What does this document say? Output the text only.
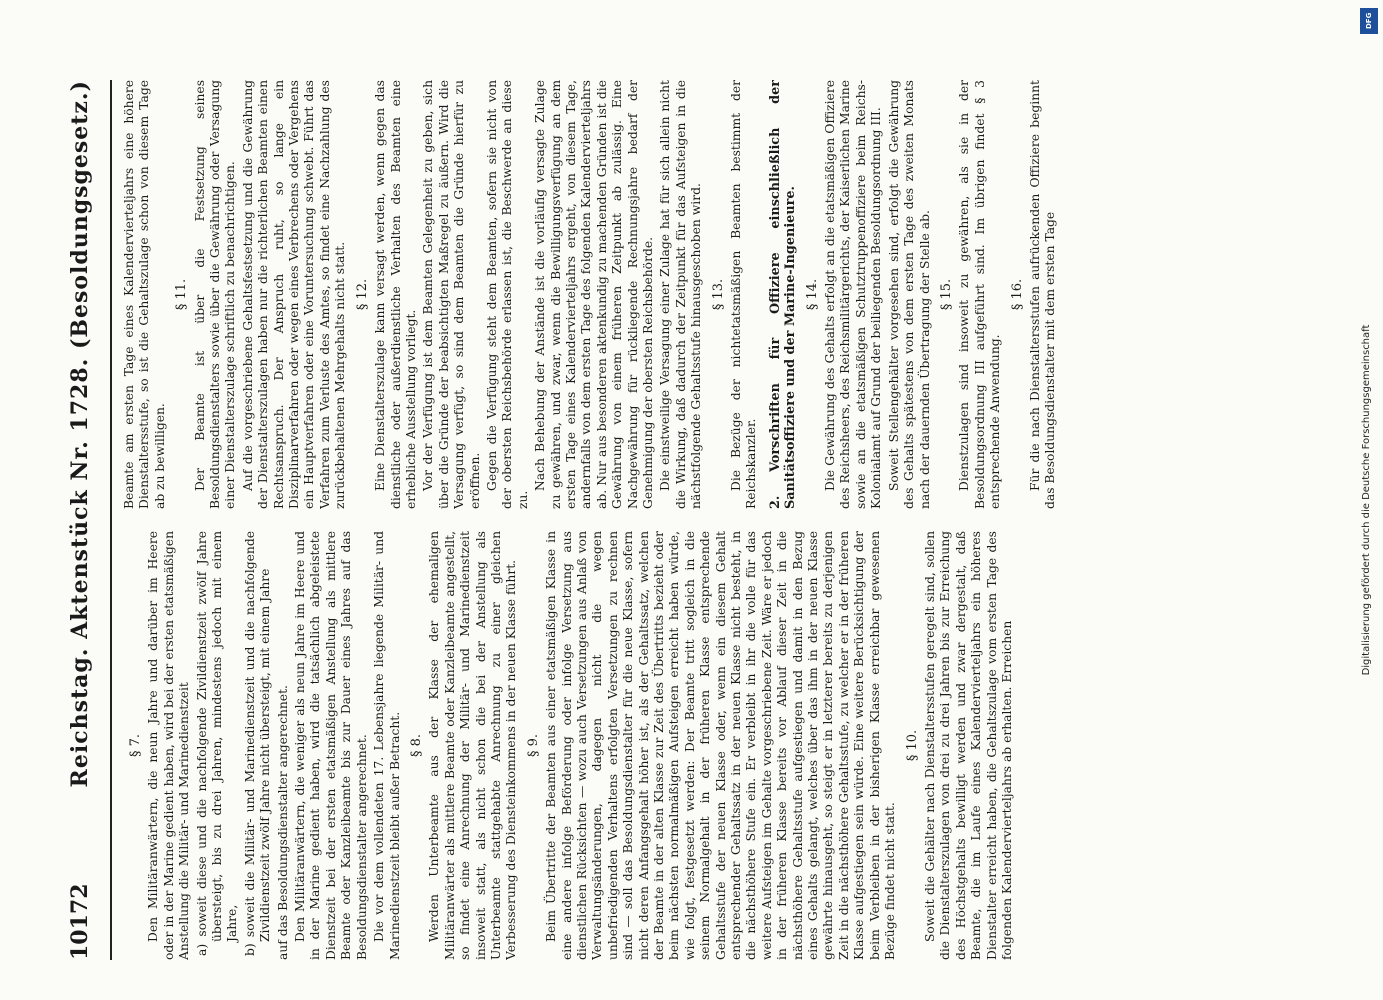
10172
Reichstag. Aktenstück Nr. 1728. (Besoldungsgesetz.)	§ 7. Den Militäranwärtern, die neun Jahre und darüber im Heere oder in der Marine gedient haben, wird bei der ersten etatsmäßigen Anstellung die Militär- und Marinedienstzeit a) soweit diese und die nachfolgende Zivildienstzeit zwölf Jahre übersteigt, bis zu drei Jahren, mindestens jedoch mit einem Jahre, b) soweit die Militär- und Marinedienstzeit und die nachfolgende Zivildienstzeit zwölf Jahre nicht übersteigt, mit einem Jahre auf das Besoldungsdienstalter angerechnet. Den Militäranwärtern, die weniger als neun Jahre im Heere und in der Marine gedient haben, wird die tatsächlich abgeleistete Dienstzeit bei der ersten etatsmäßigen Anstellung als mittlere Beamte oder Kanzleibeamte bis zur Dauer eines Jahres auf das Besoldungsdienstalter angerechnet. Die vor dem vollendeten 17. Lebensjahre liegende Militär- und Marinedienstzeit bleibt außer Betracht. § 8. Werden Unterbeamte aus der Klasse der ehemaligen Militäranwärter als mittlere Beamte oder Kanzleibeamte angestellt, so findet eine Anrechnung der Militär- und Marinedienstzeit insoweit statt, als nicht schon die bei der Anstellung als Unterbeamte stattgehabte Anrechnung zu einer gleichen Verbesserung des Diensteinkommens in der neuen Klasse führt. § 9. Beim Übertritte der Beamten aus einer etatsmäßigen Klasse in eine andere infolge Beförderung oder infolge Versetzung aus dienstlichen Rücksichten — wozu auch Versetzungen aus Anlaß von Verwaltungsänderungen, dagegen nicht die wegen unbefriedigenden Verhaltens erfolgten Versetzungen zu rechnen sind — soll das Besoldungsdienstalter für die neue Klasse, sofern nicht deren Anfangsgehalt höher ist, als der Gehaltssatz, welchen der Beamte in der alten Klasse zur Zeit des Übertritts bezieht oder beim nächsten normalmäßigen Aufsteigen erreicht haben würde, wie folgt, festgesetzt werden: Der Beamte tritt sogleich in die seinem Normalgehalt in der früheren Klasse entsprechende Gehaltsstufe der neuen Klasse oder, wenn ein diesem Gehalt entsprechender Gehaltssatz in der neuen Klasse nicht besteht, in die nächsthöhere Stufe ein. Er verbleibt in ihr die volle für das weitere Aufsteigen im Gehalte vorgeschriebene Zeit. Wäre er jedoch in der früheren Klasse bereits vor Ablauf dieser Zeit in die nächsthöhere Gehaltsstufe aufgestiegen und damit in den Bezug eines Gehalts gelangt, welches über das ihm in der neuen Klasse gewährte hinausgeht, so steigt er in letzterer bereits zu derjenigen Zeit in die nächsthöhere Gehaltsstufe, zu welcher er in der früheren Klasse aufgestiegen sein würde. Eine weitere Berücksichtigung der beim Verbleiben in der bisherigen Klasse erreichbar gewesenen Bezüge findet nicht statt.

§ 10. Soweit die Gehälter nach Dienstaltersstufen geregelt sind, sollen die Dienstalterszulagen von drei zu drei Jahren bis zur Erreichung des Höchstgehalts bewilligt werden und zwar dergestalt, daß Beamte, die im Laufe eines Kalendervierteljahrs ein höheres Dienstalter erreicht haben, die Gehaltszulage vom ersten Tage des folgenden Kalendervierteljahrs ab erhalten. Erreichen

Beamte am ersten Tage eines Kalendervierteljahrs eine höhere Dienstaltersstufe, so ist die Gehaltszulage schon von diesem Tage ab zu bewilligen.

§ 11. Der Beamte ist über die Festsetzung seines Besoldungsdienstalters sowie über die Gewährung oder Versagung einer Dienstalterszulage schriftlich zu benachrichtigen. Auf die vorgeschriebene Gehaltsfestsetzung und die Gewährung der Dienstalterszulagen haben nur die richterlichen Beamten einen Rechtsanspruch. Der Anspruch ruht, so lange ein Disziplinarverfahren oder wegen eines Verbrechens oder Vergehens ein Hauptverfahren oder eine Voruntersuchung schwebt. Führt das Verfahren zum Verluste des Amtes, so findet eine Nachzahlung des zurückbehaltenen Mehrgehalts nicht statt. § 12. Eine Dienstalterszulage kann versagt werden, wenn gegen das dienstliche oder außerdienstliche Verhalten des Beamten eine erhebliche Ausstellung vorliegt. Vor der Verfügung ist dem Beamten Gelegenheit zu geben, sich über die Gründe der beabsichtigten Maßregel zu äußern. Wird die Versagung verfügt, so sind dem Beamten die Gründe hierfür zu eröffnen. Gegen die Verfügung steht dem Beamten, sofern sie nicht von der obersten Reichsbehörde erlassen ist, die Beschwerde an diese zu.

Nach Behebung der Anstände ist die vorläufig versagte Zulage zu gewähren, und zwar, wenn die Bewilligungsverfügung an dem ersten Tage eines Kalendervierteljahrs ergeht, von diesem Tage, andernfalls von dem ersten Tage des folgenden Kalendervierteljahrs ab. Nur aus besonderen aktenkundig zu machenden Gründen ist die Gewährung von einem früheren Zeitpunkt ab zulässig. Eine Nachgewährung für rückliegende Rechnungsjahre bedarf der Genehmigung der obersten Reichsbehörde. Die einstweilige Versagung einer Zulage hat für sich allein nicht die Wirkung, daß dadurch der Zeitpunkt für das Aufsteigen in die nächstfolgende Gehaltsstufe hinausgeschoben wird. § 13. Die Bezüge der nichtetatsmäßigen Beamten bestimmt der Reichskanzler. 2. Vorschriften für Offiziere einschließlich der Sanitätsoffiziere und der Marine-Ingenieure. § 14. Die Gewährung des Gehalts erfolgt an die etatsmäßigen Offiziere des Reichsheers, des Reichsmilitärgerichts, der Kaiserlichen Marine sowie an die etatsmäßigen Schutztruppenoffiziere beim Reichs-Kolonialamt auf Grund der beiliegenden Besoldungsordnung III. Soweit Stellengehälter vorgesehen sind, erfolgt die Gewährung des Gehalts spätestens von dem ersten Tage des zweiten Monats nach der dauernden Übertragung der Stelle ab. § 15. Dienstzulagen sind insoweit zu gewähren, als sie in der Besoldungsordnung III aufgeführt sind. Im übrigen findet § 3 entsprechende Anwendung.

§ 16. Für die nach Dienstaltersstufen aufrückenden Offiziere beginnt das Besoldungsdienstalter mit dem ersten Tage	Digitalisierung gefördert durch die Deutsche Forschungsgemeinschaft
DFG
